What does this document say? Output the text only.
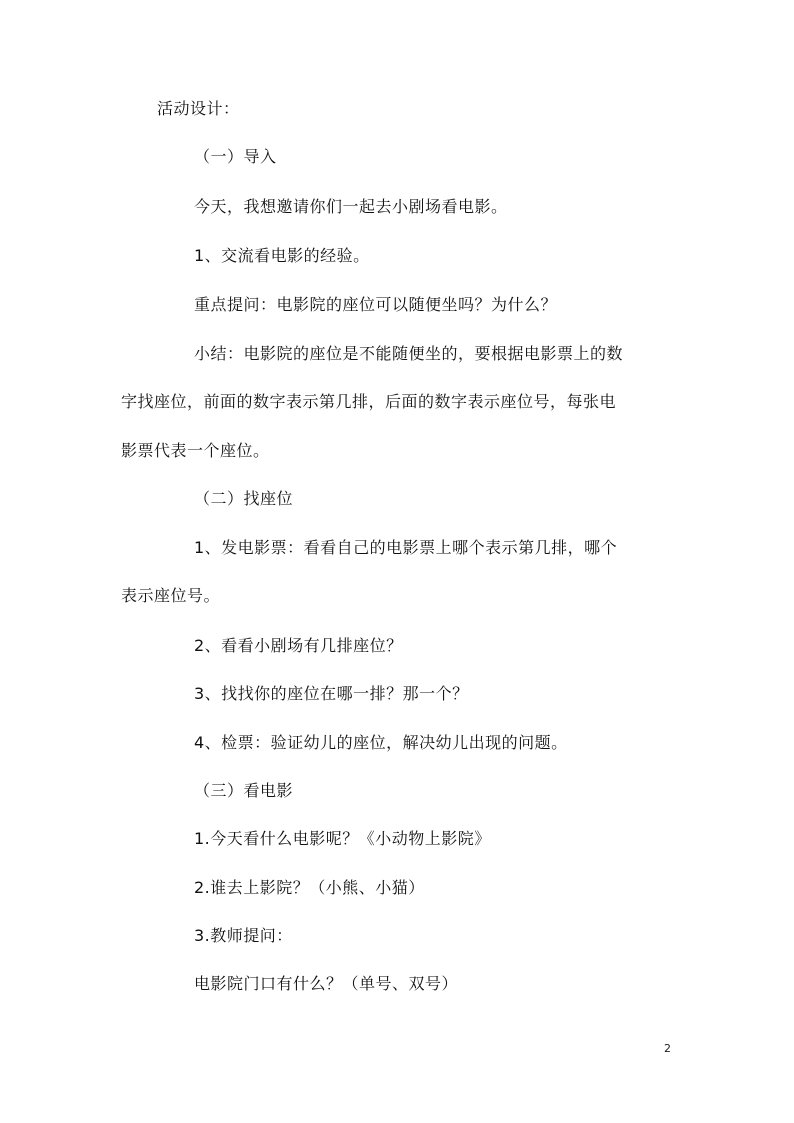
活动设计：
（一）导入
今天，我想邀请你们一起去小剧场看电影。
1、交流看电影的经验。
重点提问：电影院的座位可以随便坐吗？为什么？
小结：电影院的座位是不能随便坐的，要根据电影票上的数
字找座位，前面的数字表示第几排，后面的数字表示座位号，每张电
影票代表一个座位。
（二）找座位
1、发电影票：看看自己的电影票上哪个表示第几排，哪个
表示座位号。
2、看看小剧场有几排座位？
3、找找你的座位在哪一排？那一个？
4、检票：验证幼儿的座位，解决幼儿出现的问题。
（三）看电影
1.今天看什么电影呢？《小动物上影院》
2.谁去上影院？（小熊、小猫）
3.教师提问：
电影院门口有什么？（单号、双号）
2
